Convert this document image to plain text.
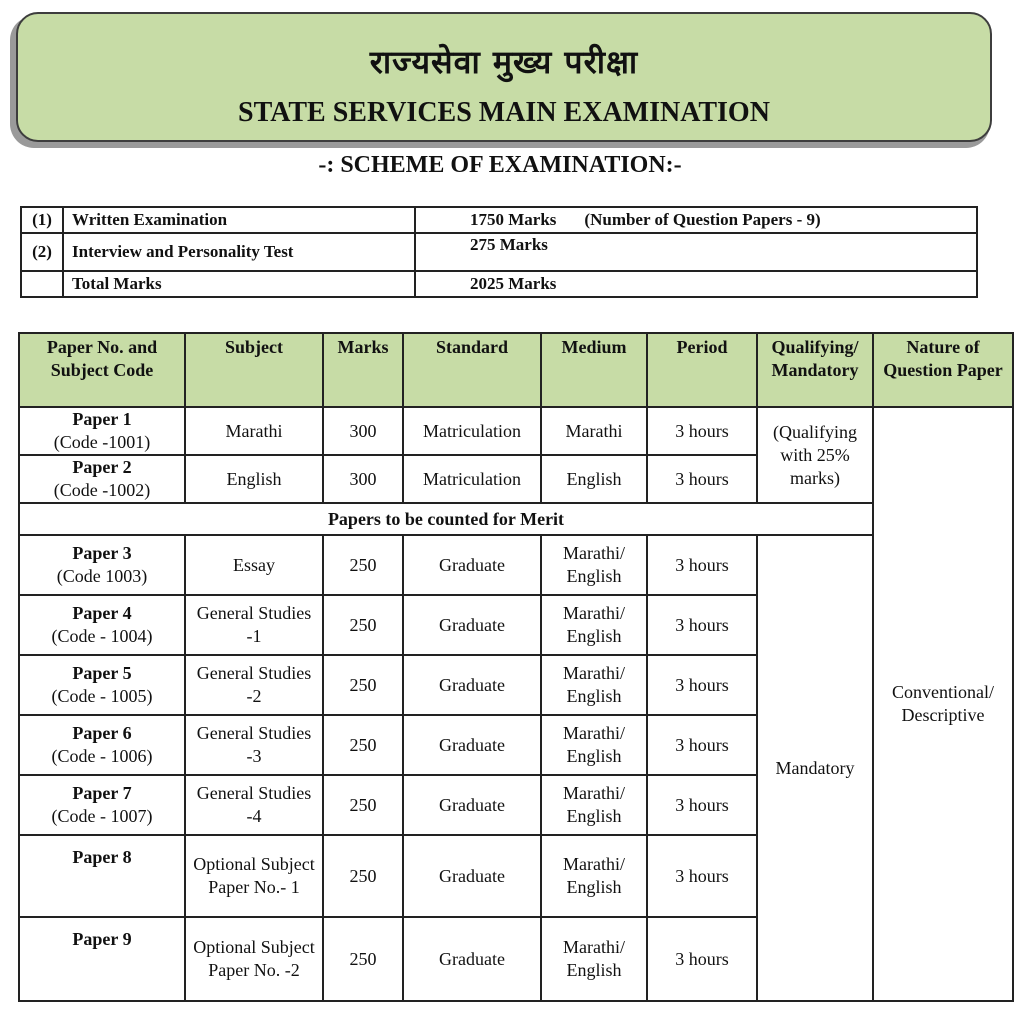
राज्यसेवा मुख्य परीक्षा
STATE SERVICES MAIN EXAMINATION
-: SCHEME OF EXAMINATION:-
(1)	Written Examination	1750 Marks (Number of Question Papers - 9)
(2)	Interview and Personality Test	275 Marks
	Total Marks	2025 Marks
Paper No. and Subject Code	Subject	Marks	Standard	Medium	Period	Qualifying/ Mandatory	Nature of Question Paper

Paper 1
(Code -1001)	Marathi	300	Matriculation	Marathi	3 hours	(Qualifying with 25% marks)	Conventional/ Descriptive

Paper 2
(Code -1002)	English	300	Matriculation	English	3 hours		
Papers to be counted for Merit							

Paper 3
(Code 1003)	Essay	250	Graduate	Marathi/ English	3 hours	Mandatory	

Paper 4
(Code - 1004)	General Studies -1	250	Graduate	Marathi/ English	3 hours		

Paper 5
(Code - 1005)	General Studies -2	250	Graduate	Marathi/ English	3 hours		

Paper 6
(Code - 1006)	General Studies -3	250	Graduate	Marathi/ English	3 hours		

Paper 7
(Code - 1007)	General Studies -4	250	Graduate	Marathi/ English	3 hours		

Paper 8	Optional Subject Paper No.- 1	250	Graduate	Marathi/ English	3 hours		

Paper 9	Optional Subject Paper No. -2	250	Graduate	Marathi/ English	3 hours		
